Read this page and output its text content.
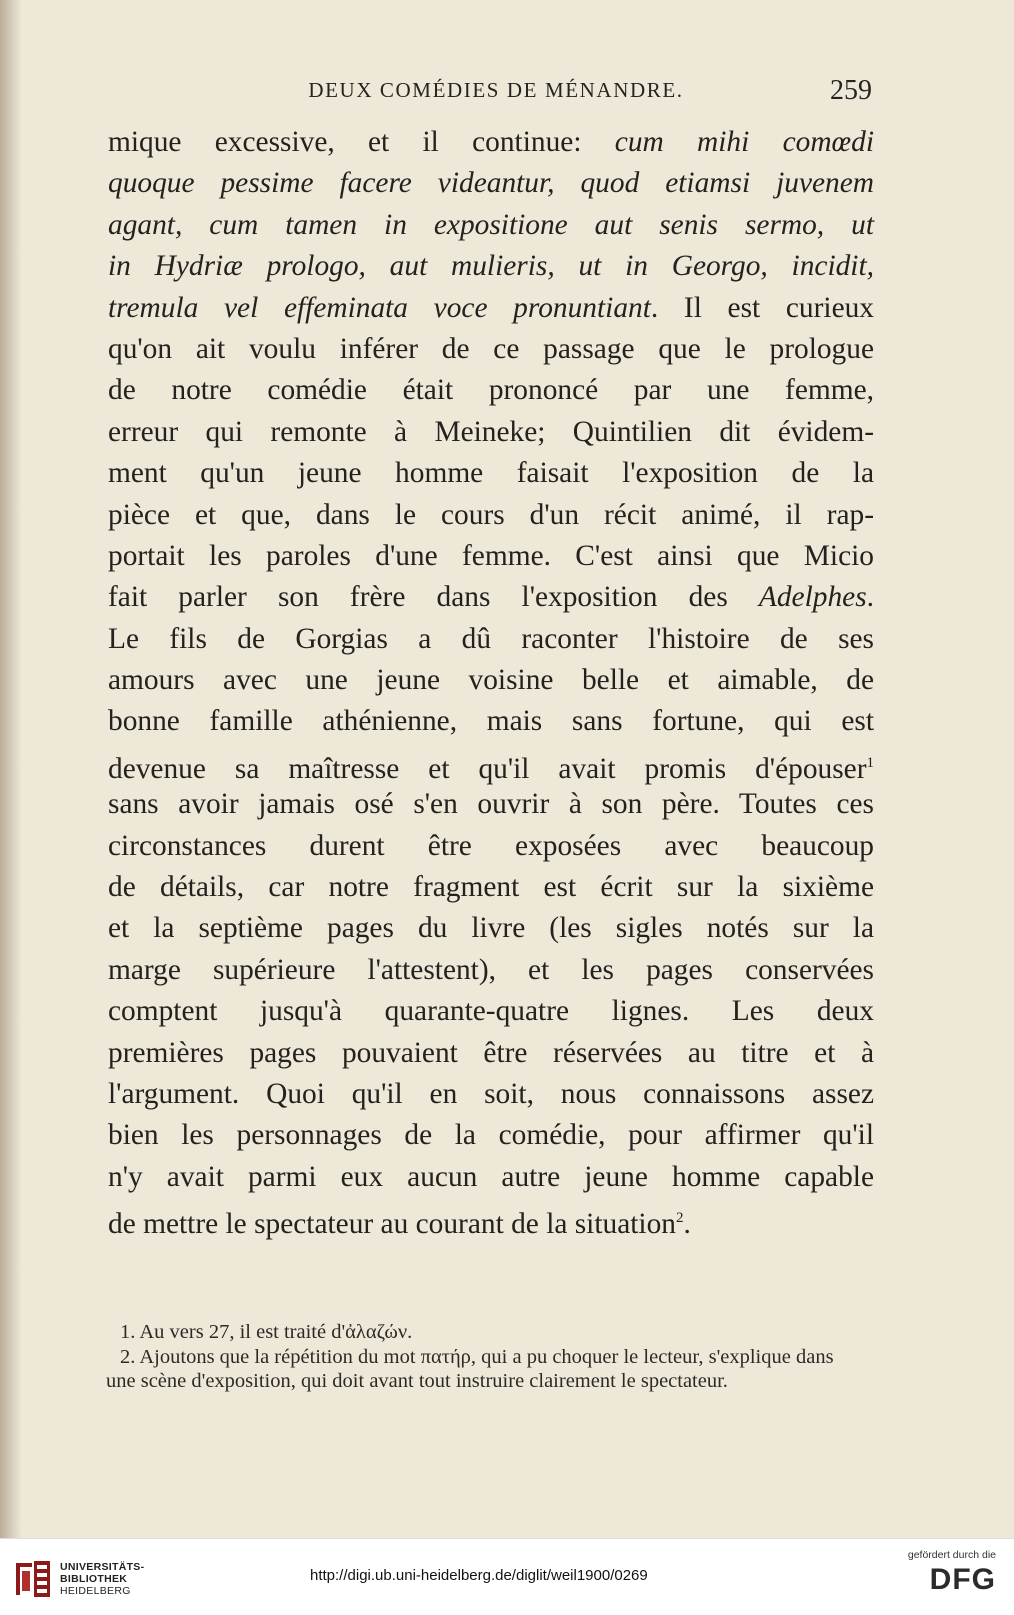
DEUX COMÉDIES DE MÉNANDRE.	259
mique excessive, et il continue: cum mihi comœdi
quoque pessime facere videantur, quod etiamsi juvenem
agant, cum tamen in expositione aut senis sermo, ut
in Hydriæ prologo, aut mulieris, ut in Georgo, incidit,
tremula vel effeminata voce pronuntiant. Il est curieux
qu'on ait voulu inférer de ce passage que le prologue
de notre comédie était prononcé par une femme,
erreur qui remonte à Meineke; Quintilien dit évidem-
ment qu'un jeune homme faisait l'exposition de la
pièce et que, dans le cours d'un récit animé, il rap-
portait les paroles d'une femme. C'est ainsi que Micio
fait parler son frère dans l'exposition des Adelphes.
Le fils de Gorgias a dû raconter l'histoire de ses
amours avec une jeune voisine belle et aimable, de
bonne famille athénienne, mais sans fortune, qui est
devenue sa maîtresse et qu'il avait promis d'épouser$^1$
sans avoir jamais osé s'en ouvrir à son père. Toutes ces
circonstances durent être exposées avec beaucoup
de détails, car notre fragment est écrit sur la sixième
et la septième pages du livre (les sigles notés sur la
marge supérieure l'attestent), et les pages conservées
comptent jusqu'à quarante-quatre lignes. Les deux
premières pages pouvaient être réservées au titre et à
l'argument. Quoi qu'il en soit, nous connaissons assez
bien les personnages de la comédie, pour affirmer qu'il
n'y avait parmi eux aucun autre jeune homme capable
de mettre le spectateur au courant de la situation$^2$.

1. Au vers 27, il est traité d'ἀλαζών.

2. Ajoutons que la répétition du mot πατήρ, qui a pu choquer le lecteur, s'explique dans une scène d'exposition, qui doit avant tout instruire clairement le spectateur.

UNIVERSITÄTS-
BIBLIOTHEK
HEIDELBERG
http://digi.ub.uni-heidelberg.de/diglit/weil1900/0269
gefördert durch die
DFG
